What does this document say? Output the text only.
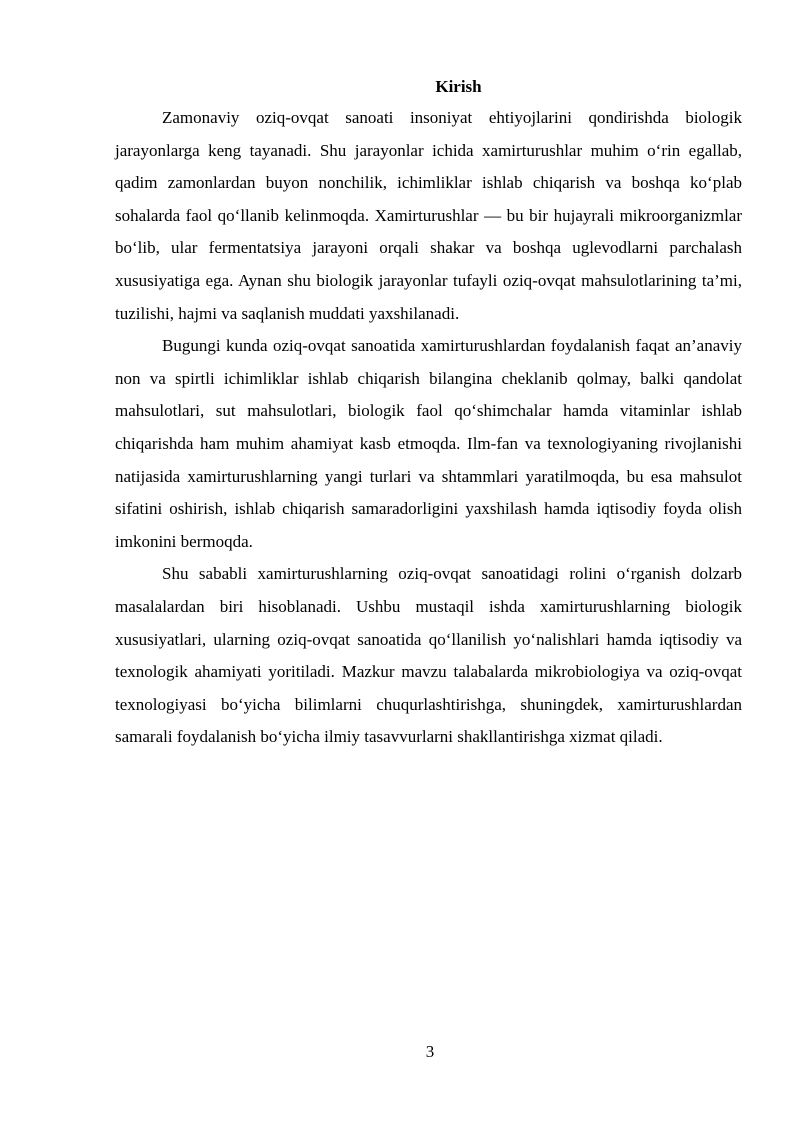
Kirish

Zamonaviy oziq-ovqat sanoati insoniyat ehtiyojlarini qondirishda biologik jarayonlarga keng tayanadi. Shu jarayonlar ichida xamirturushlar muhim o‘rin egallab, qadim zamonlardan buyon nonchilik, ichimliklar ishlab chiqarish va boshqa ko‘plab sohalarda faol qo‘llanib kelinmoqda. Xamirturushlar — bu bir hujayrali mikroorganizmlar bo‘lib, ular fermentatsiya jarayoni orqali shakar va boshqa uglevodlarni parchalash xususiyatiga ega. Aynan shu biologik jarayonlar tufayli oziq-ovqat mahsulotlarining ta’mi, tuzilishi, hajmi va saqlanish muddati yaxshilanadi.

Bugungi kunda oziq-ovqat sanoatida xamirturushlardan foydalanish faqat an’anaviy non va spirtli ichimliklar ishlab chiqarish bilangina cheklanib qolmay, balki qandolat mahsulotlari, sut mahsulotlari, biologik faol qo‘shimchalar hamda vitaminlar ishlab chiqarishda ham muhim ahamiyat kasb etmoqda. Ilm-fan va texnologiyaning rivojlanishi natijasida xamirturushlarning yangi turlari va shtammlari yaratilmoqda, bu esa mahsulot sifatini oshirish, ishlab chiqarish samaradorligini yaxshilash hamda iqtisodiy foyda olish imkonini bermoqda.

Shu sababli xamirturushlarning oziq-ovqat sanoatidagi rolini o‘rganish dolzarb masalalardan biri hisoblanadi. Ushbu mustaqil ishda xamirturushlarning biologik xususiyatlari, ularning oziq-ovqat sanoatida qo‘llanilish yo‘nalishlari hamda iqtisodiy va texnologik ahamiyati yoritiladi. Mazkur mavzu talabalarda mikrobiologiya va oziq-ovqat texnologiyasi bo‘yicha bilimlarni chuqurlashtirishga, shuningdek, xamirturushlardan samarali foydalanish bo‘yicha ilmiy tasavvurlarni shakllantirishga xizmat qiladi.

3
